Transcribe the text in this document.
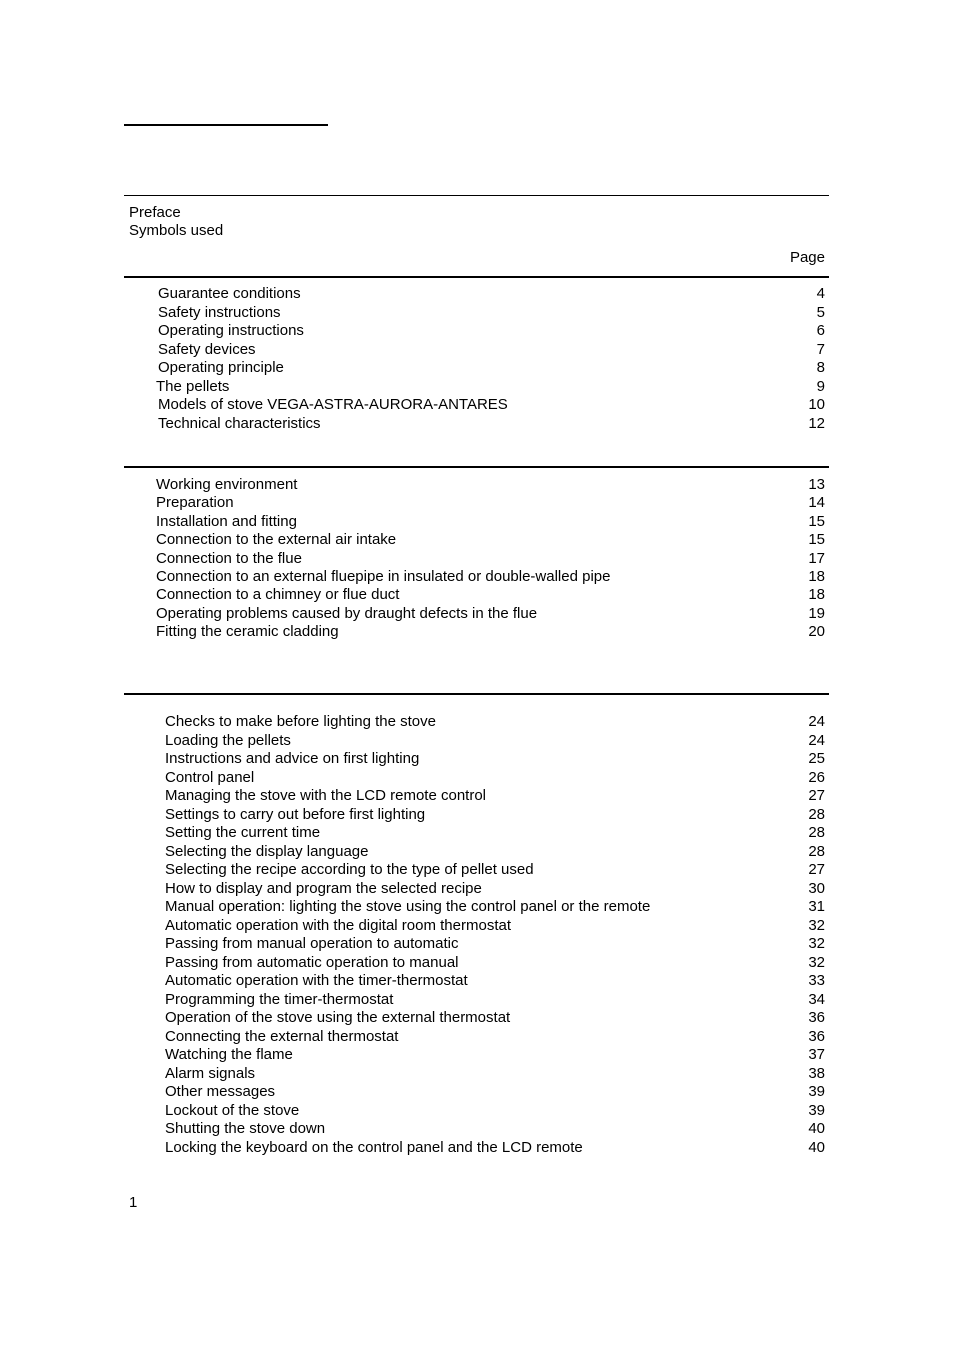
Preface
Symbols used
Page
Guarantee conditions	4
Safety instructions	5
Operating instructions	6
Safety devices	7
Operating principle	8
The pellets	9
Models of stove VEGA-ASTRA-AURORA-ANTARES	10
Technical characteristics	12
Working environment	13
Preparation	14
Installation and fitting	15
Connection to the external air intake	15
Connection to the flue	17
Connection to an external fluepipe in insulated or double-walled pipe	18
Connection to a chimney or flue duct	18
Operating problems caused by draught defects in the flue	19
Fitting the ceramic cladding	20
Checks to make before lighting the stove	24
Loading the pellets	24
Instructions and advice on first lighting	25
Control panel	26
Managing the stove with the LCD remote control	27
Settings to carry out before first lighting	28
Setting the current time	28
Selecting the display language	28
Selecting the recipe according to the type of pellet used	27
How to display and program the selected recipe	30
Manual operation: lighting the stove using the control panel or the remote	31
Automatic operation with the digital room thermostat	32
Passing from manual operation to automatic	32
Passing from automatic operation to manual	32
Automatic operation with the timer-thermostat	33
Programming the timer-thermostat	34
Operation of the stove using the external thermostat	36
Connecting the external thermostat	36
Watching the flame	37
Alarm signals	38
Other messages	39
Lockout of the stove	39
Shutting the stove down	40
Locking the keyboard on the control panel and the LCD remote	40
1
